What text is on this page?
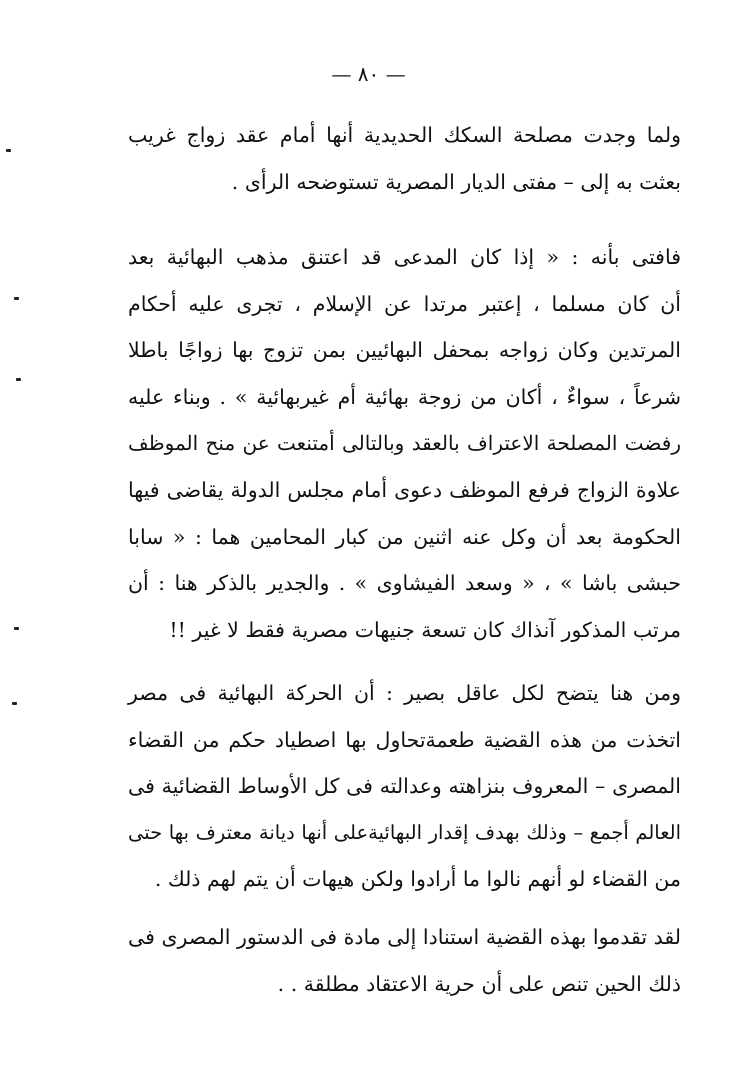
— ٨٠ —
ولما وجدت مصلحة السكك الحديدية أنها أمام عقد زواج غريب
بعثت به إلى – مفتى الديار المصرية تستوضحه الرأى .
فافتى بأنه : « إذا كان المدعى قد اعتنق مذهب البهائية بعد
أن كان مسلما ، إعتبر مرتدا عن الإسلام ، تجرى عليه أحكام
المرتدين وكان زواجه بمحفل البهائيين بمن تزوج بها زواجًا باطلا
شرعاً ، سواءٌ ، أكان من زوجة بهائية أم غيربهائية » . وبناء عليه
رفضت المصلحة الاعتراف بالعقد وبالتالى أمتنعت عن منح الموظف
علاوة الزواج فرفع الموظف دعوى أمام مجلس الدولة يقاضى فيها
الحكومة بعد أن وكل عنه اثنين من كبار المحامين هما : « سابا
حبشى باشا » ، « وسعد الفيشاوى » . والجدير بالذكر هنا : أن
مرتب المذكور آنذاك كان تسعة جنيهات مصرية فقط لا غير !!
ومن هنا يتضح لكل عاقل بصير : أن الحركة البهائية فى مصر
اتخذت من هذه القضية طعمةتحاول بها اصطياد حكم من القضاء
المصرى – المعروف بنزاهته وعدالته فى كل الأوساط القضائية فى
العالم أجمع – وذلك بهدف إقدار البهائيةعلى أنها ديانة معترف بها حتى
من القضاء لو أنهم نالوا ما أرادوا ولكن هيهات أن يتم لهم ذلك .
لقد تقدموا بهذه القضية استنادا إلى مادة فى الدستور المصرى فى
ذلك الحين تنص على أن حرية الاعتقاد مطلقة . .
